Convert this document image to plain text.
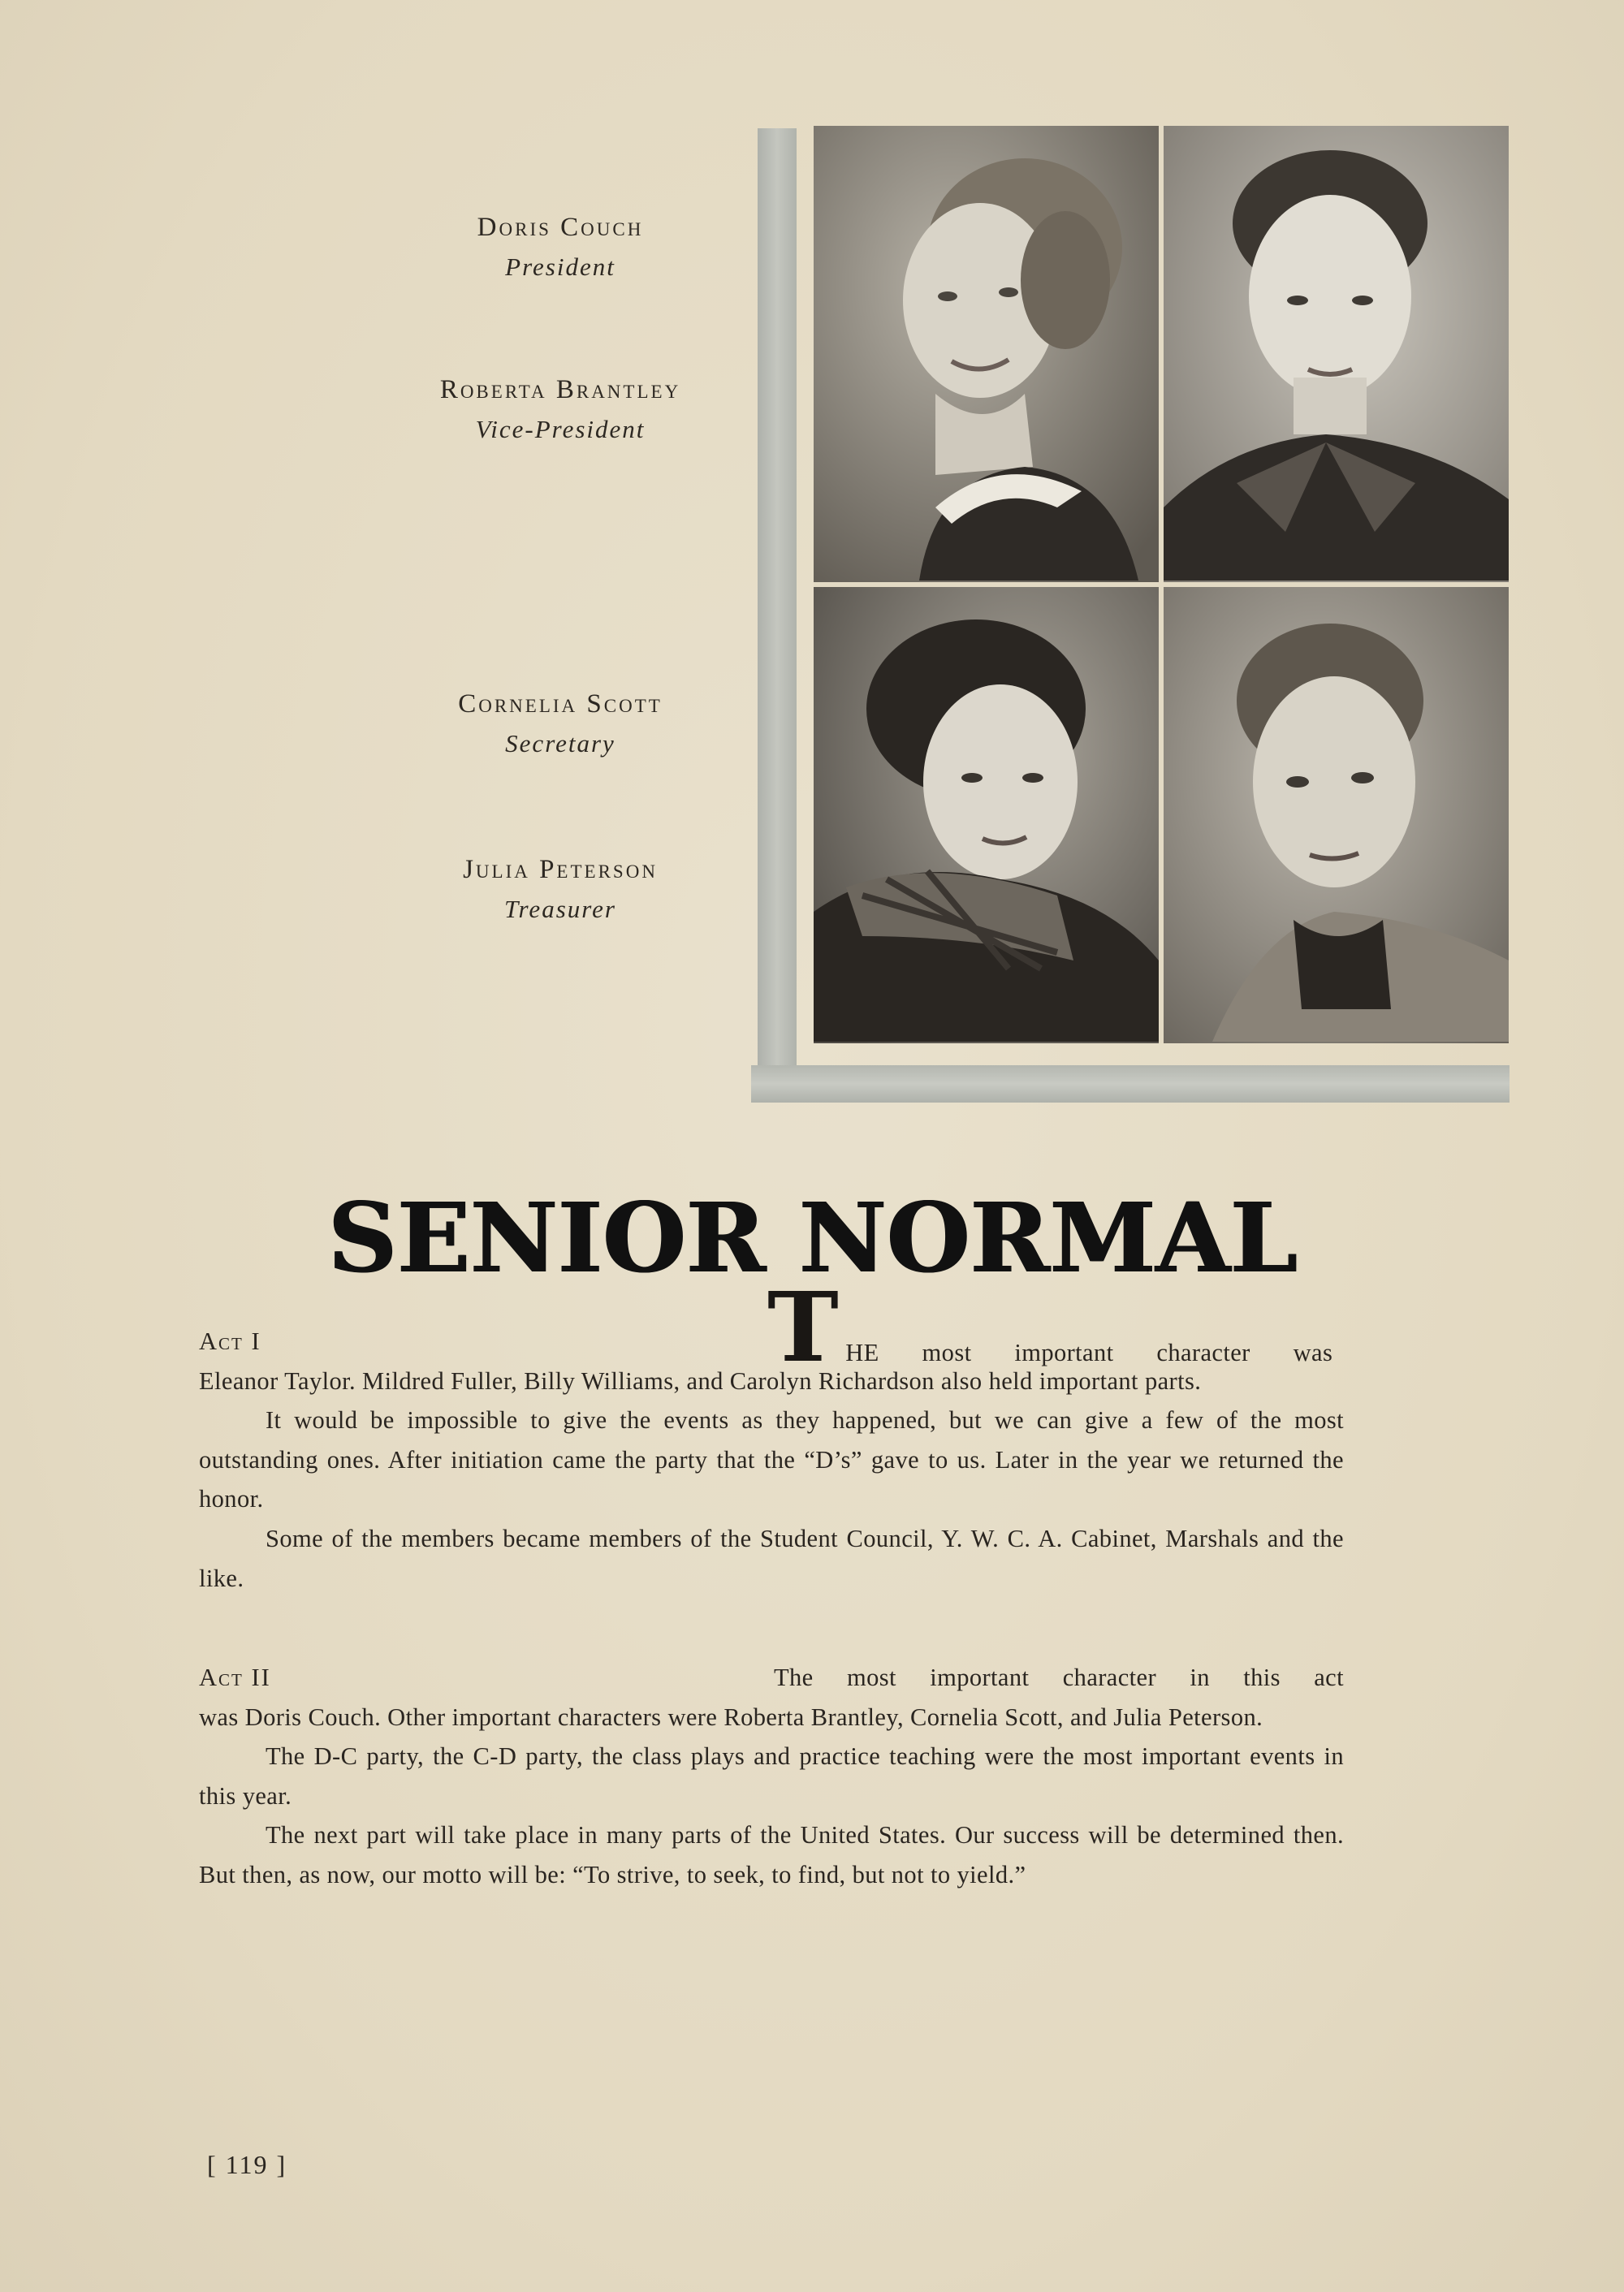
Doris Couch
President
Roberta Brantley
Vice-President
Cornelia Scott
Secretary
Julia Peterson
Treasurer
SENIOR NORMAL
Act I	T HE most important character was

Eleanor Taylor. Mildred Fuller, Billy Williams, and Carolyn Richardson also held important parts.

It would be impossible to give the events as they happened, but we can give a few of the most outstanding ones. After initiation came the party that the “D’s” gave to us. Later in the year we returned the honor.

Some of the members became members of the Student Council, Y. W. C. A. Cabinet, Marshals and the like.

Act II	The most important character in this act

was Doris Couch. Other important characters were Roberta Brantley, Cornelia Scott, and Julia Peterson.

The D-C party, the C-D party, the class plays and practice teaching were the most important events in this year.

The next part will take place in many parts of the United States. Our success will be determined then. But then, as now, our motto will be: “To strive, to seek, to find, but not to yield.”

[ 119 ]
